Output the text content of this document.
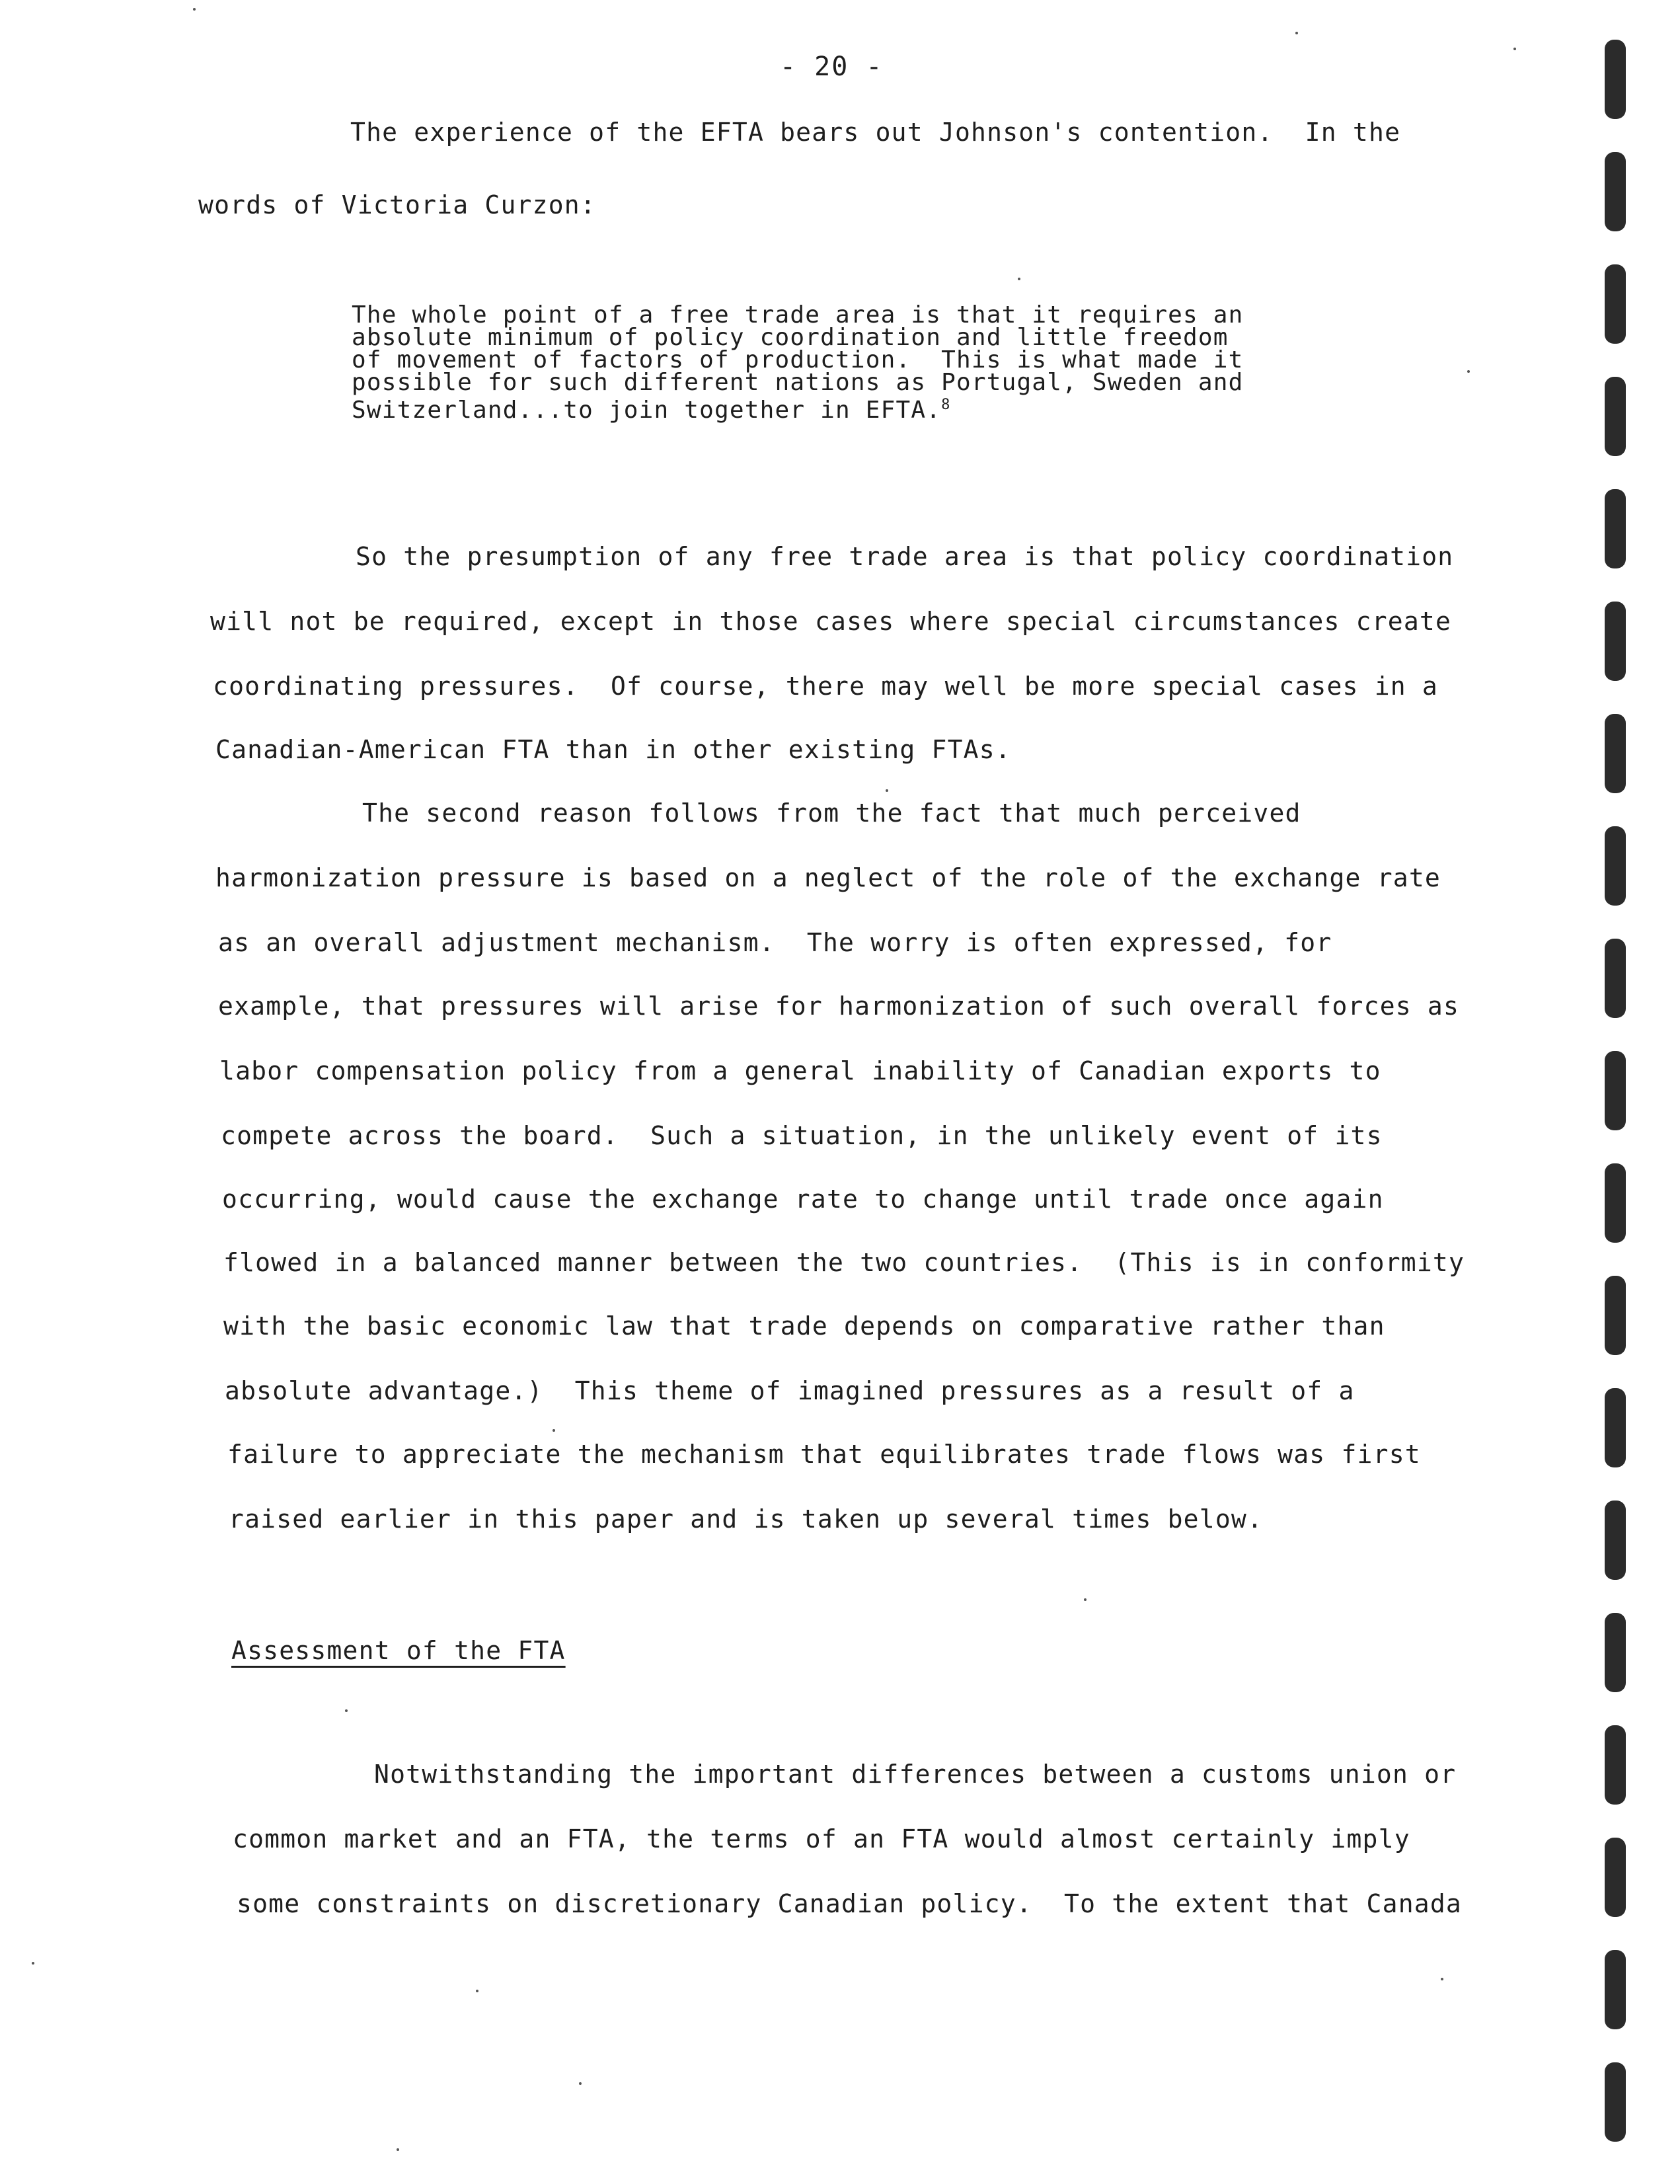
- 20 -
The experience of the EFTA bears out Johnson's contention.  In the
words of Victoria Curzon:
The whole point of a free trade area is that it requires an
absolute minimum of policy coordination and little freedom
of movement of factors of production.  This is what made it
possible for such different nations as Portugal, Sweden and
Switzerland...to join together in EFTA.$^8$
So the presumption of any free trade area is that policy coordination
will not be required, except in those cases where special circumstances create
coordinating pressures.  Of course, there may well be more special cases in a
Canadian-American FTA than in other existing FTAs.
The second reason follows from the fact that much perceived
harmonization pressure is based on a neglect of the role of the exchange rate
as an overall adjustment mechanism.  The worry is often expressed, for
example, that pressures will arise for harmonization of such overall forces as
labor compensation policy from a general inability of Canadian exports to
compete across the board.  Such a situation, in the unlikely event of its
occurring, would cause the exchange rate to change until trade once again
flowed in a balanced manner between the two countries.  (This is in conformity
with the basic economic law that trade depends on comparative rather than
absolute advantage.)  This theme of imagined pressures as a result of a
failure to appreciate the mechanism that equilibrates trade flows was first
raised earlier in this paper and is taken up several times below.
Assessment of the FTA
Notwithstanding the important differences between a customs union or
common market and an FTA, the terms of an FTA would almost certainly imply
some constraints on discretionary Canadian policy.  To the extent that Canada
